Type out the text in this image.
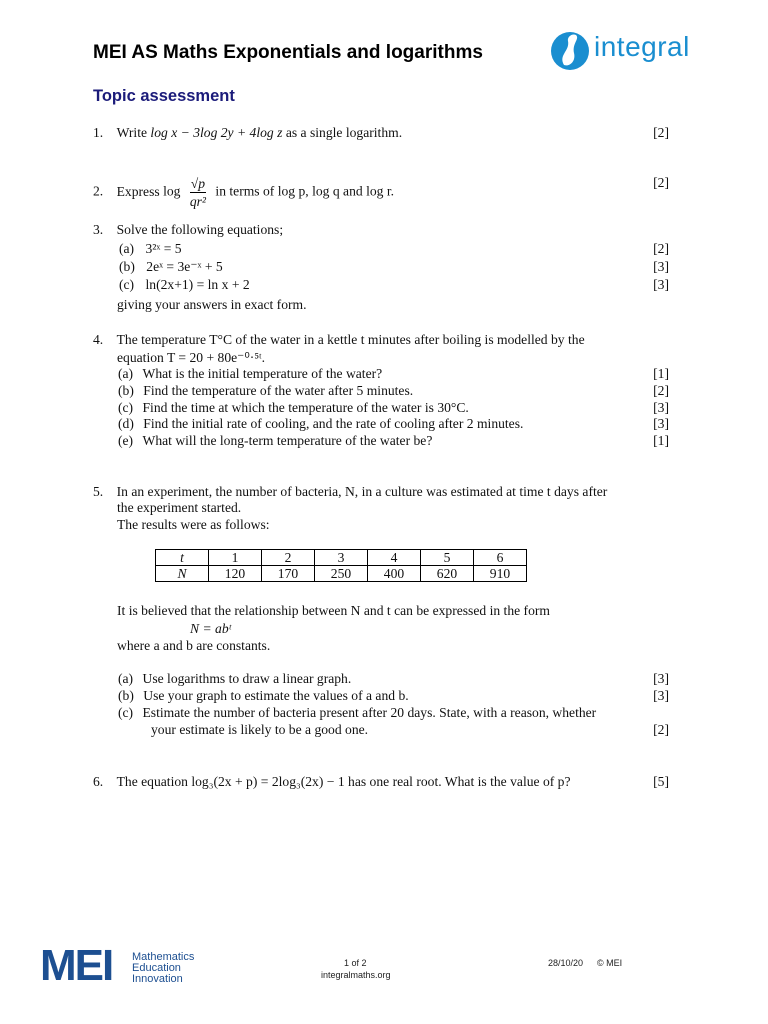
MEI AS Maths Exponentials and logarithms
Topic assessment
integral
1. Write log x − 3log 2y + 4log z as a single logarithm.	[2]
2. Express $\log \frac{√p}{\text{qr²}}$ in terms of log p, log q and log r.
[2]
3. Solve the following equations;
(a) 3²ˣ = 5	[2]
(b) 2eˣ = 3e⁻ˣ + 5	[3]
(c) ln(2x+1) = ln x + 2	[3]
giving your answers in exact form.
4. The temperature T°C of the water in a kettle t minutes after boiling is modelled by the
equation T = 20 + 80e⁻⁰·⁵ᵗ.
(a) What is the initial temperature of the water?	[1]
(b) Find the temperature of the water after 5 minutes.	[2]
(c) Find the time at which the temperature of the water is 30°C.	[3]
(d) Find the initial rate of cooling, and the rate of cooling after 2 minutes.	[3]
(e) What will the long-term temperature of the water be?	[1]
5. In an experiment, the number of bacteria, N, in a culture was estimated at time t days after
the experiment started.
The results were as follows:
t	1	2	3	4	5	6
N	120	170	250	400	620	910
It is believed that the relationship between N and t can be expressed in the form
N = abᵗ
where a and b are constants.
(a) Use logarithms to draw a linear graph.	[3]
(b) Use your graph to estimate the values of a and b.	[3]
(c) Estimate the number of bacteria present after 20 days. State, with a reason, whether
your estimate is likely to be a good one.	[2]
6. The equation log₃(2x + p) = 2log₃(2x) − 1 has one real root. What is the value of p?	[5]
MEI Mathematics
Education
Innovation
1 of 2
integralmaths.org
28/10/20 © MEI
